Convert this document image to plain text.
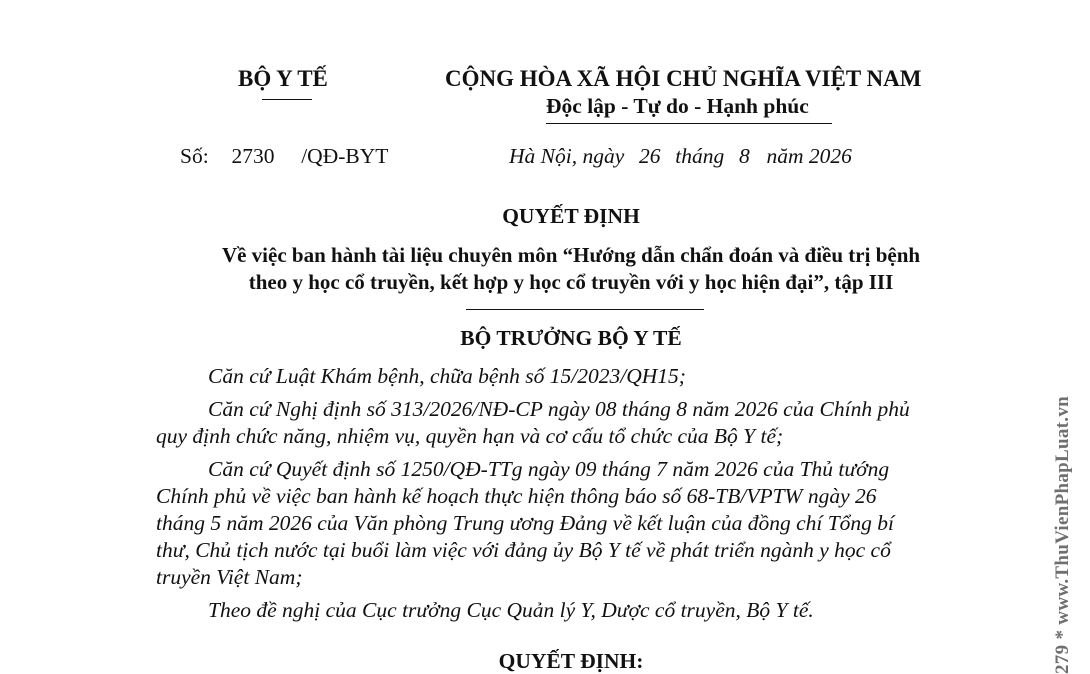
BỘ Y TẾ	CỘNG HÒA XÃ HỘI CHỦ NGHĨA VIỆT NAM
Độc lập - Tự do - Hạnh phúc
Số: 2730 /QĐ-BYT	Hà Nội, ngày 26 tháng 8 năm 2026
QUYẾT ĐỊNH
Về việc ban hành tài liệu chuyên môn “Hướng dẫn chẩn đoán và điều trị bệnh
theo y học cổ truyền, kết hợp y học cổ truyền với y học hiện đại”, tập III
BỘ TRƯỞNG BỘ Y TẾ
Căn cứ Luật Khám bệnh, chữa bệnh số 15/2023/QH15;
Căn cứ Nghị định số 313/2026/NĐ-CP ngày 08 tháng 8 năm 2026 của Chính phủ
quy định chức năng, nhiệm vụ, quyền hạn và cơ cấu tổ chức của Bộ Y tế;
Căn cứ Quyết định số 1250/QĐ-TTg ngày 09 tháng 7 năm 2026 của Thủ tướng
Chính phủ về việc ban hành kế hoạch thực hiện thông báo số 68-TB/VPTW ngày 26
tháng 5 năm 2026 của Văn phòng Trung ương Đảng về kết luận của đồng chí Tổng bí
thư, Chủ tịch nước tại buổi làm việc với đảng ủy Bộ Y tế về phát triển ngành y học cổ
truyền Việt Nam;
Theo đề nghị của Cục trưởng Cục Quản lý Y, Dược cổ truyền, Bộ Y tế.
QUYẾT ĐỊNH:	279 * www.ThuVienPhapLuat.vn
